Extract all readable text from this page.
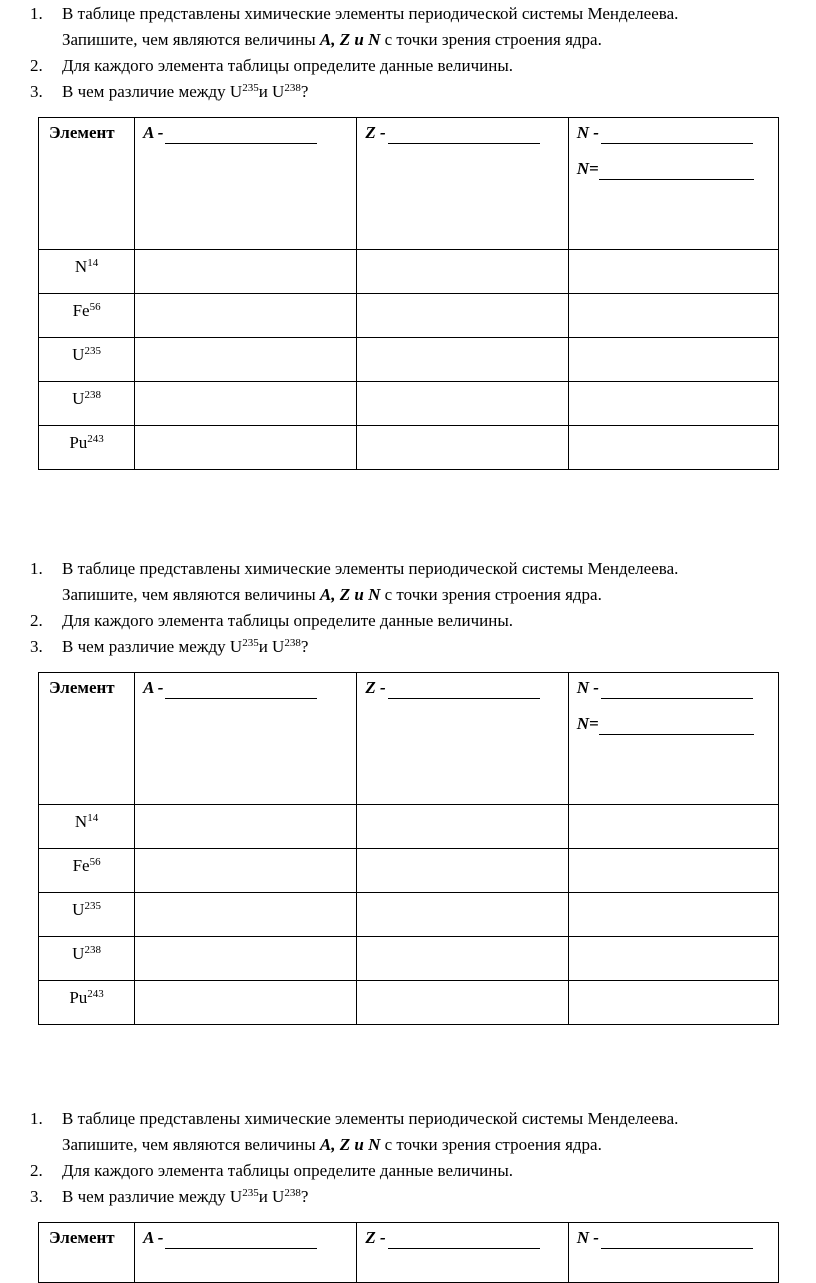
1. В таблице представлены химические элементы периодической системы Менделеева.
Запишите, чем являются величины A, Z и N с точки зрения строения ядра.
2. Для каждого элемента таблицы определите данные величины.
3. В чем различие между $U^{235}и$ $U^{238}$?
Элемент	A -	Z -	N -
N=

$N^{14}$			
Fe$^{56}$			
$U^{235}$			
$U^{238}$			
Pu$^{243}$			
1. В таблице представлены химические элементы периодической системы Менделеева.
Запишите, чем являются величины A, Z и N с точки зрения строения ядра.
2. Для каждого элемента таблицы определите данные величины.
3. В чем различие между $U^{235}и$ $U^{238}$?
Элемент	A -	Z -	N -
N=

$N^{14}$			
Fe$^{56}$			
$U^{235}$			
$U^{238}$			
Pu$^{243}$			
1. В таблице представлены химические элементы периодической системы Менделеева.
Запишите, чем являются величины A, Z и N с точки зрения строения ядра.
2. Для каждого элемента таблицы определите данные величины.
3. В чем различие между $U^{235}и$ $U^{238}$?
Элемент	A -	Z -	N -
